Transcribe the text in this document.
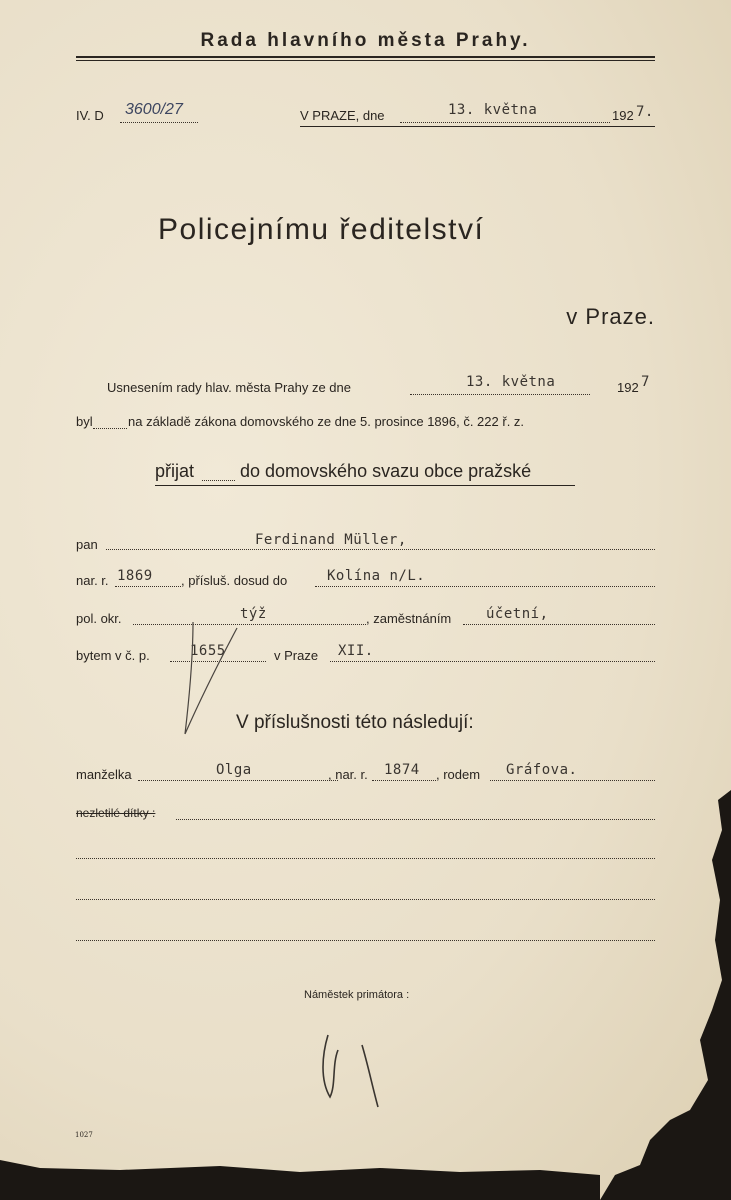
Rada hlavního města Prahy.
IV. D 3600/27	V PRAZE, dne	13. května	192 7.
Policejnímu ředitelství
v Praze.
Usnesením rady hlav. města Prahy ze dne	13. května	192 7
byl	na základě zákona domovského ze dne 5. prosince 1896, č. 222 ř. z.
přijat	do domovského svazu obce pražské
pan	Ferdinand Müller,
nar. r. 1869 , přísluš. dosud do	Kolína n/L.
pol. okr.	týž	, zaměstnáním účetní,
bytem v č. p.	1655	v Praze XII.
V příslušnosti této následují:
manželka	Olga	, nar. r. 1874 , rodem Gráfova.
nezletilé dítky :
Náměstek primátora :
1027
